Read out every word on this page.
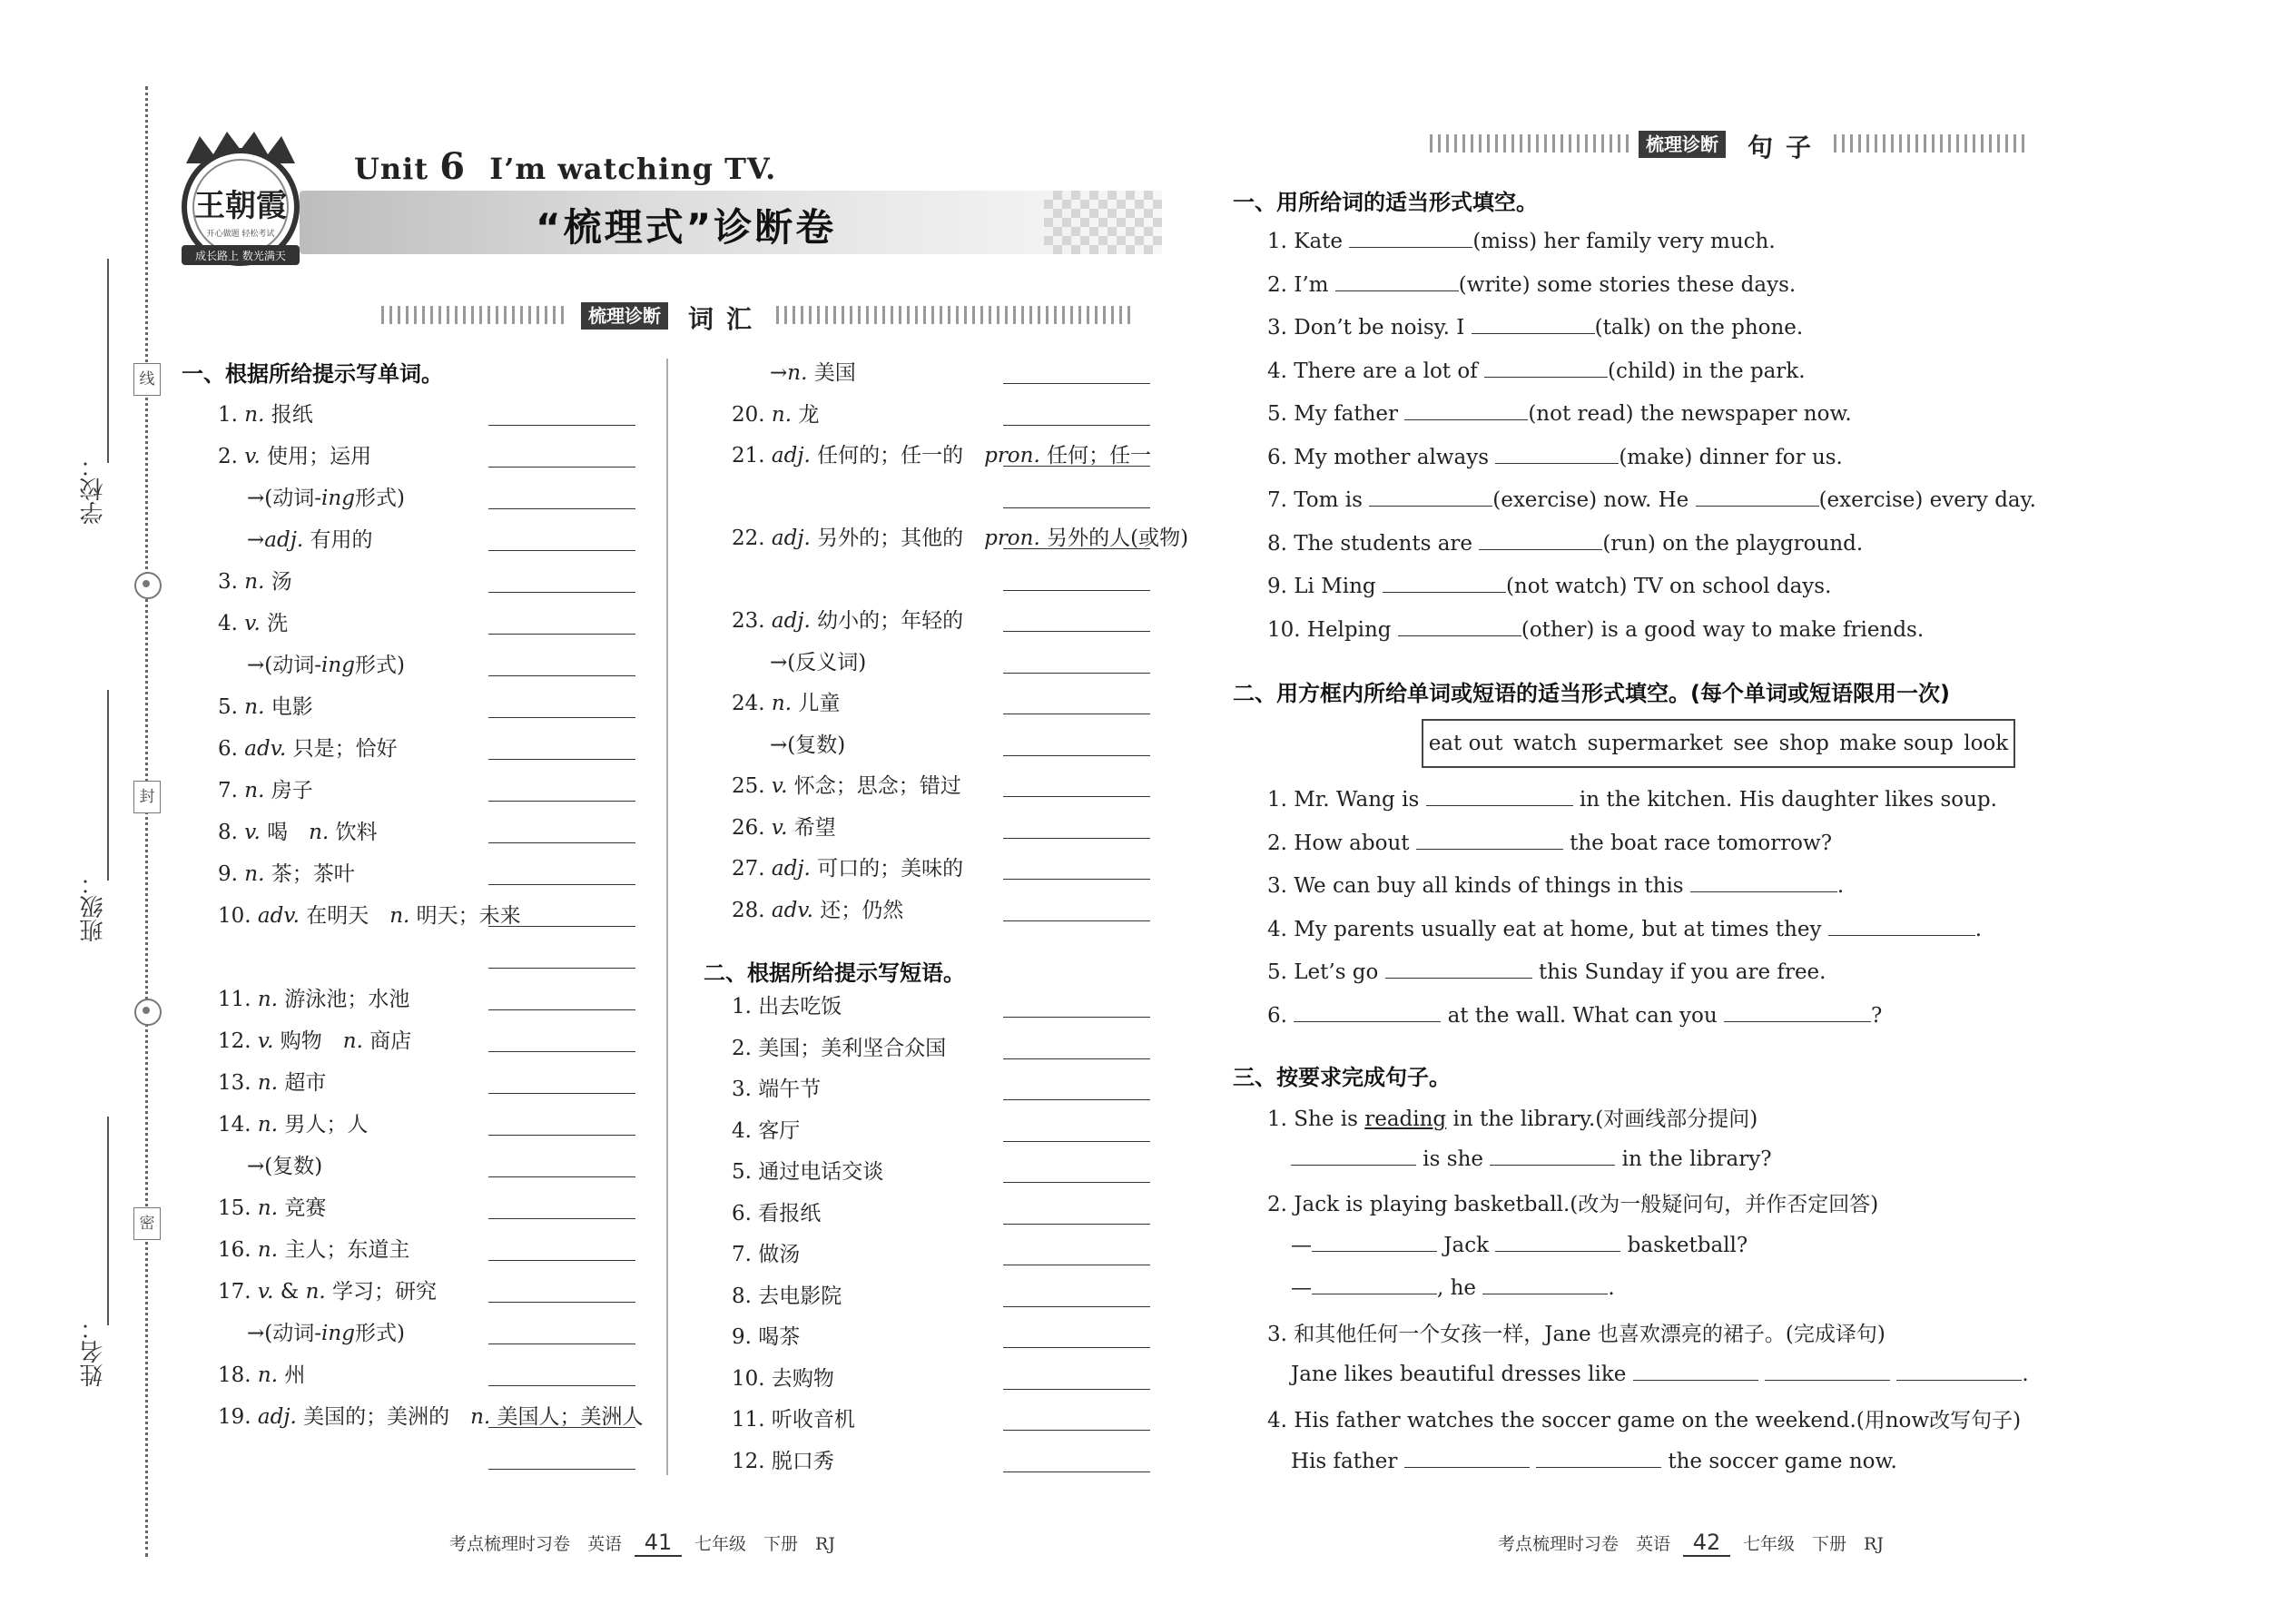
线
封
密
学校：
班级：
姓名：
王朝霞
开心做题 轻松考试
成长路上 数光满天
Unit 6 I’m watching TV.
“梳理式”诊断卷
梳理诊断 词汇
梳理诊断 句子
一、根据所给提示写单词。
1. n. 报纸
2. v. 使用；运用
→(动词-ing形式)
→adj. 有用的
3. n. 汤
4. v. 洗
→(动词-ing形式)
5. n. 电影
6. adv. 只是；恰好
7. n. 房子
8. v. 喝　n. 饮料
9. n. 茶；茶叶
10. adv. 在明天　n. 明天；未来
11. n. 游泳池；水池
12. v. 购物　n. 商店
13. n. 超市
14. n. 男人；人
→(复数)
15. n. 竞赛
16. n. 主人；东道主
17. v. & n. 学习；研究
→(动词-ing形式)
18. n. 州
19. adj. 美国的；美洲的　n. 美国人；美洲人
→n. 美国
20. n. 龙
21. adj. 任何的；任一的　pron. 任何；任一
22. adj. 另外的；其他的　pron. 另外的人(或物)
23. adj. 幼小的；年轻的
→(反义词)
24. n. 儿童
→(复数)
25. v. 怀念；思念；错过
26. v. 希望
27. adj. 可口的；美味的
28. adv. 还；仍然
二、根据所给提示写短语。
1. 出去吃饭
2. 美国；美利坚合众国
3. 端午节
4. 客厅
5. 通过电话交谈
6. 看报纸
7. 做汤
8. 去电影院
9. 喝茶
10. 去购物
11. 听收音机
12. 脱口秀
考点梳理时习卷　英语 41 七年级　下册　RJ
一、用所给词的适当形式填空。
1. Kate	(miss) her family very much.
2. I’m	(write) some stories these days.
3. Don’t be noisy. I	(talk) on the phone.
4. There are a lot of	(child) in the park.
5. My father	(not read) the newspaper now.
6. My mother always	(make) dinner for us.
7. Tom is	(exercise) now. He	(exercise) every day.
8. The students are	(run) on the playground.
9. Li Ming	(not watch) TV on school days.
10. Helping	(other) is a good way to make friends.
二、用方框内所给单词或短语的适当形式填空。(每个单词或短语限用一次)
eat out watch supermarket see shop make soup look
1. Mr. Wang is	in the kitchen. His daughter likes soup.
2. How about	the boat race tomorrow?
3. We can buy all kinds of things in this	.
4. My parents usually eat at home, but at times they	.
5. Let’s go	this Sunday if you are free.
6.	at the wall. What can you	?
三、按要求完成句子。
1. She is reading in the library.(对画线部分提问)
is she	in the library?
2. Jack is playing basketball.(改为一般疑问句，并作否定回答)
—	Jack	basketball?
—	, he	.
3. 和其他任何一个女孩一样，Jane 也喜欢漂亮的裙子。(完成译句)
Jane likes beautiful dresses like	.
4. His father watches the soccer game on the weekend.(用now改写句子)
His father	the soccer game now.
考点梳理时习卷　英语 42 七年级　下册　RJ
